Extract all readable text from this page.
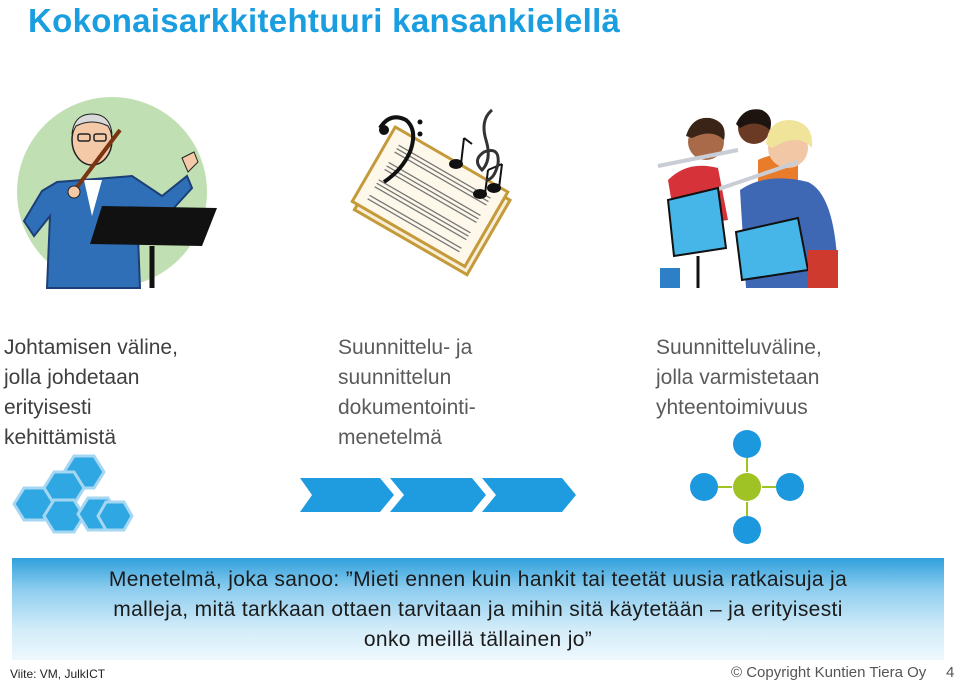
Kokonaisarkkitehtuuri kansankielellä

Johtamisen väline,
jolla johdetaan
erityisesti
kehittämistä

Suunnittelu- ja
suunnittelun
dokumentointi-
menetelmä

Suunnitteluväline,
jolla varmistetaan
yhteentoimivuus

Menetelmä, joka sanoo: ”Mieti ennen kuin hankit tai teetät uusia ratkaisuja ja
malleja, mitä tarkkaan ottaen tarvitaan ja mihin sitä käytetään – ja erityisesti
onko meillä tällainen jo”
Viite: VM, JulkICT	© Copyright Kuntien Tiera Oy 4
